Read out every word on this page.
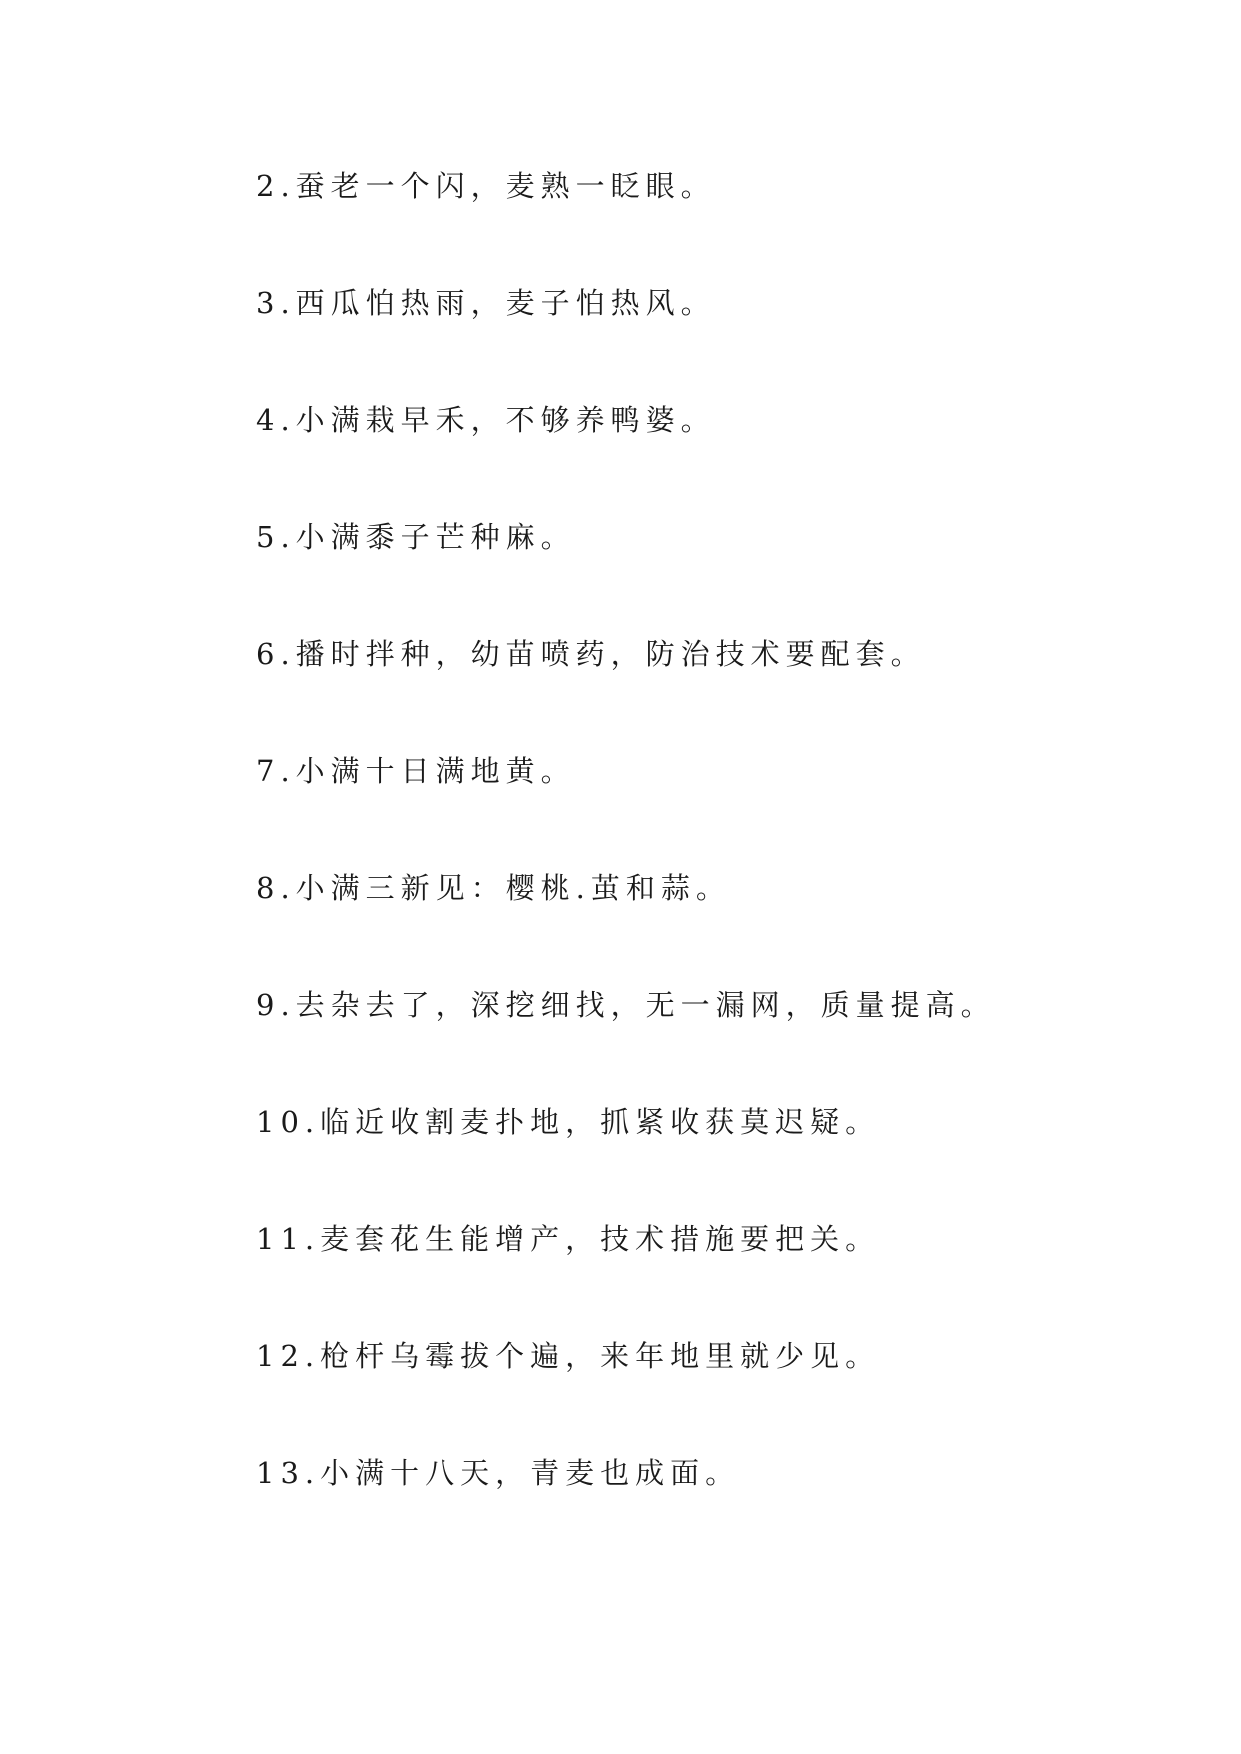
2.蚕老一个闪，麦熟一眨眼。
3.西瓜怕热雨，麦子怕热风。
4.小满栽早禾，不够养鸭婆。
5.小满黍子芒种麻。
6.播时拌种，幼苗喷药，防治技术要配套。
7.小满十日满地黄。
8.小满三新见：樱桃.茧和蒜。
9.去杂去了，深挖细找，无一漏网，质量提高。
10.临近收割麦扑地，抓紧收获莫迟疑。
11.麦套花生能增产，技术措施要把关。
12.枪杆乌霉拔个遍，来年地里就少见。
13.小满十八天，青麦也成面。
